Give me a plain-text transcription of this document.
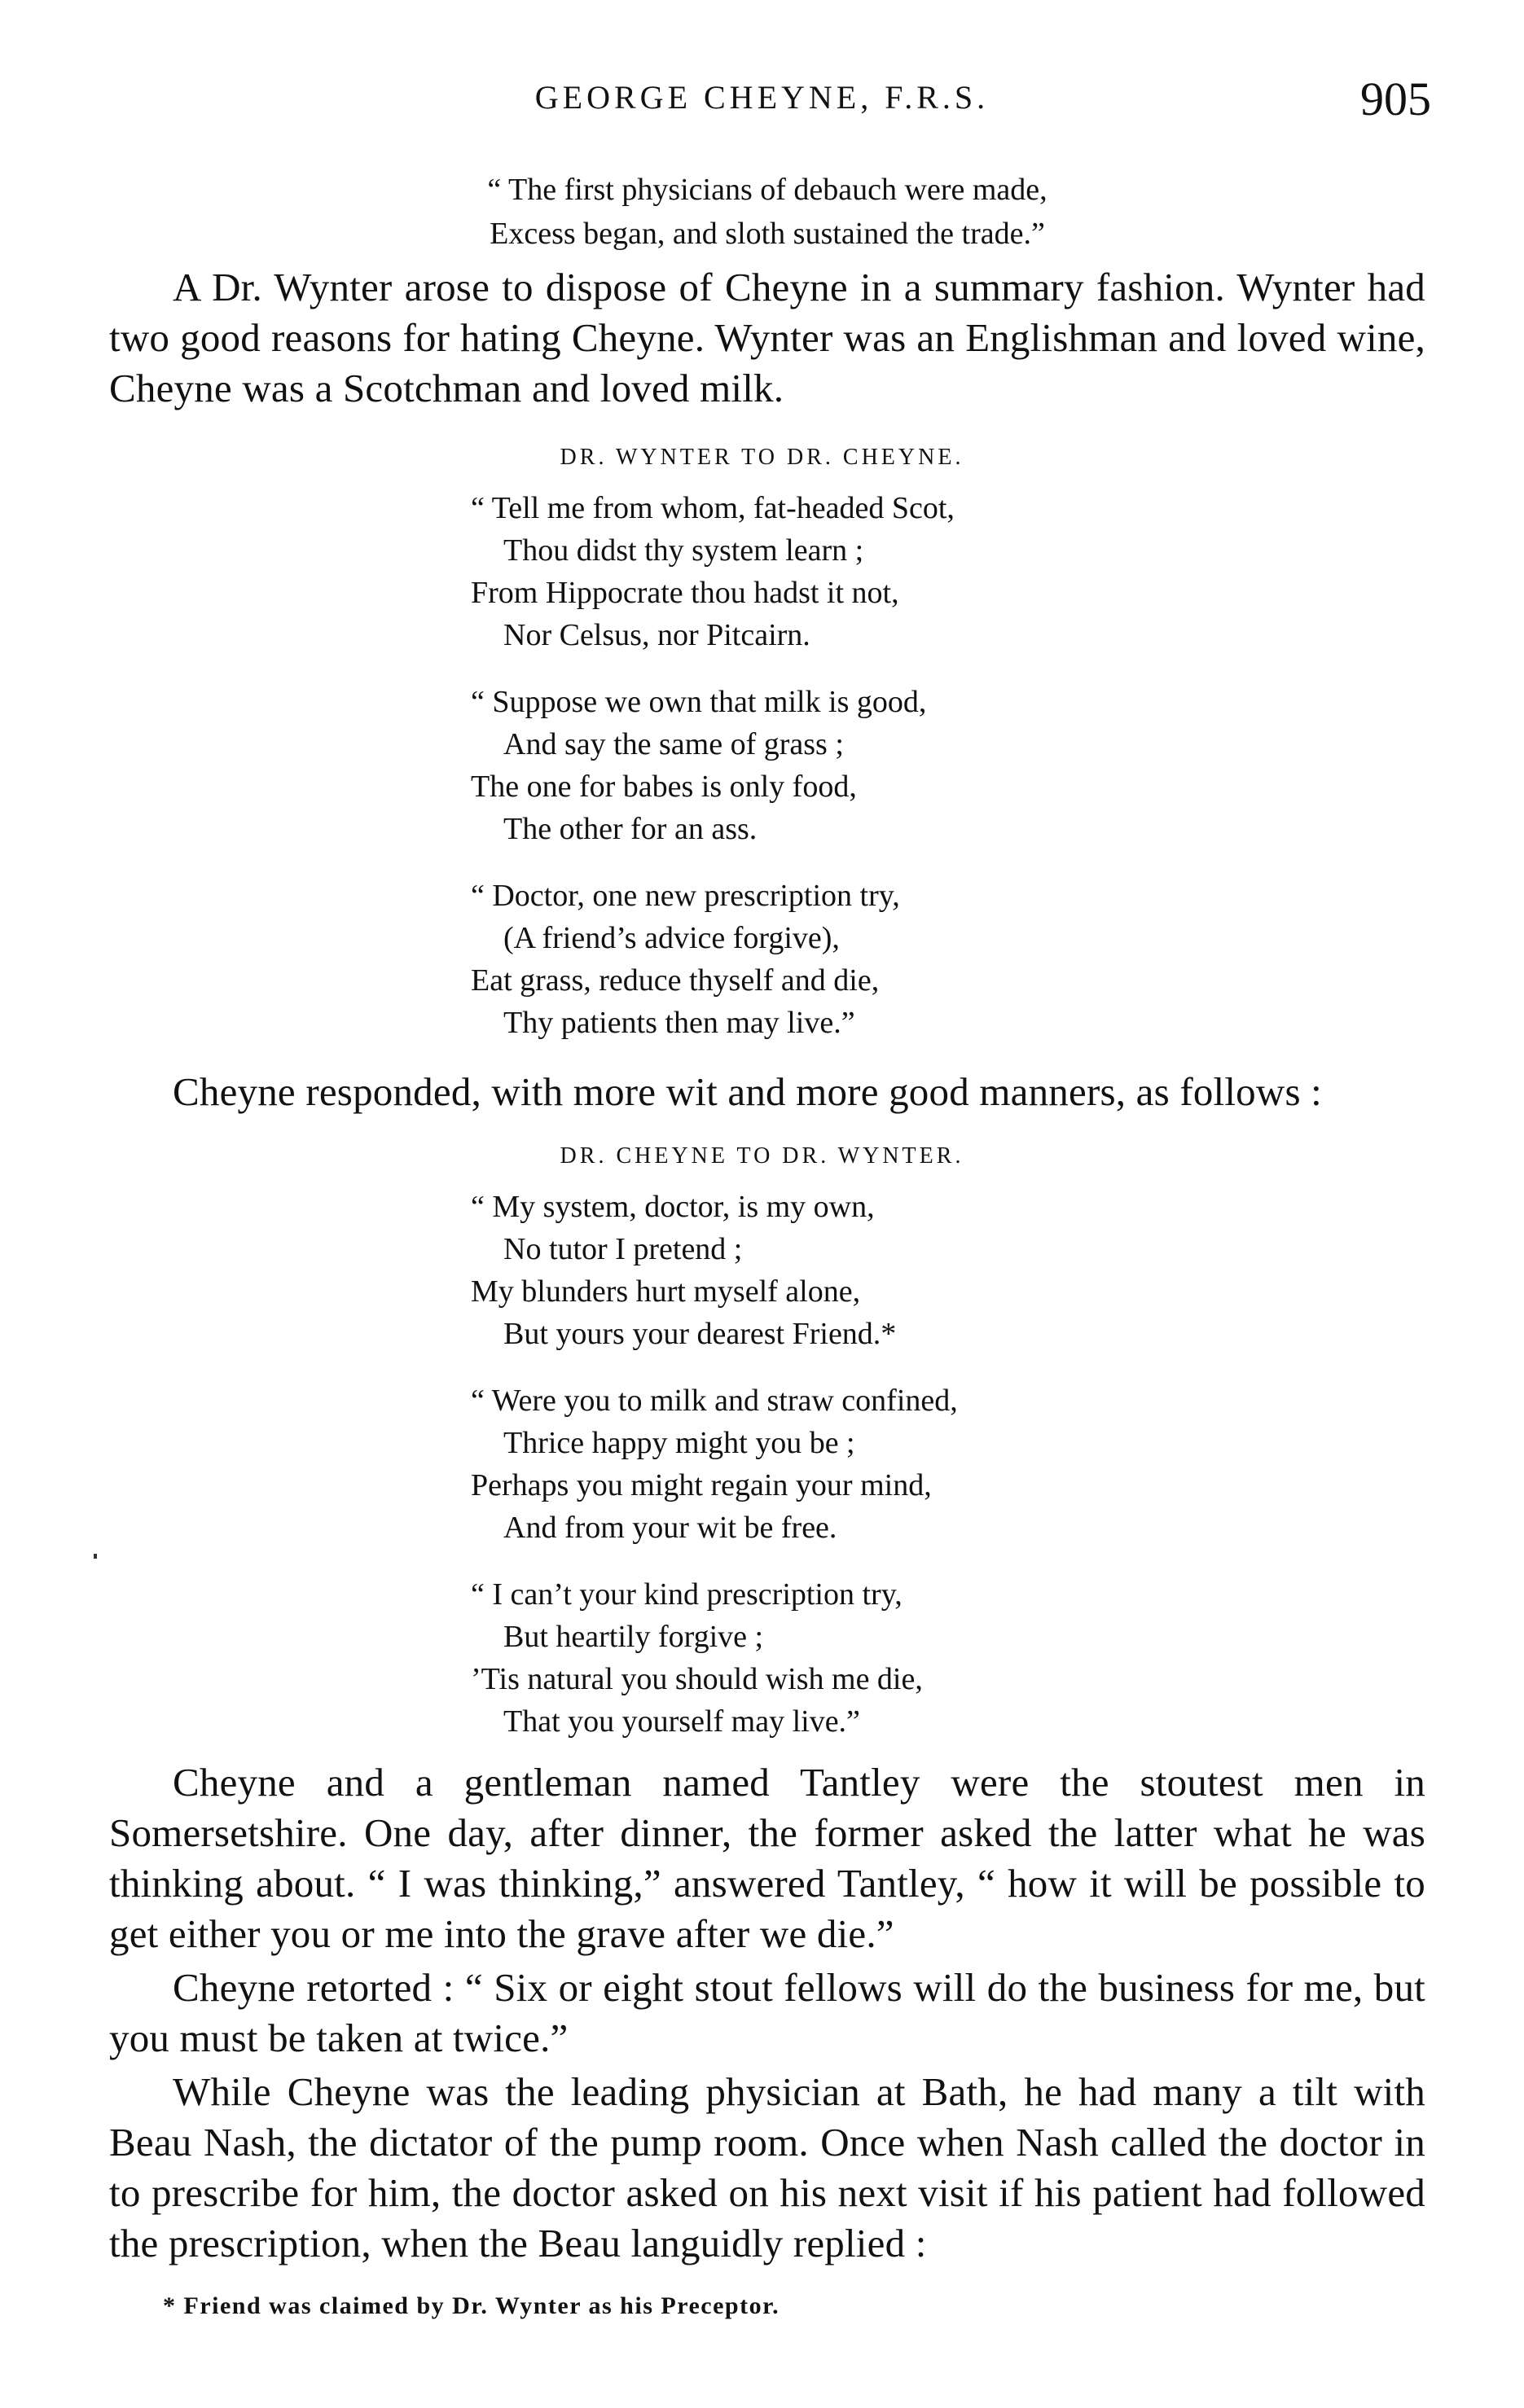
GEORGE CHEYNE, F.R.S.	905
“ The first physicians of debauch were made,
Excess began, and sloth sustained the trade.”

A Dr. Wynter arose to dispose of Cheyne in a summary fashion. Wynter had two good reasons for hating Cheyne. Wynter was an Englishman and loved wine, Cheyne was a Scotchman and loved milk.

DR. WYNTER TO DR. CHEYNE.
“ Tell me from whom, fat-headed Scot,
Thou didst thy system learn ;
From Hippocrate thou hadst it not,
Nor Celsus, nor Pitcairn.
“ Suppose we own that milk is good,
And say the same of grass ;
The one for babes is only food,
The other for an ass.
“ Doctor, one new prescription try,
(A friend’s advice forgive),
Eat grass, reduce thyself and die,
Thy patients then may live.”

Cheyne responded, with more wit and more good manners, as follows :

DR. CHEYNE TO DR. WYNTER.
“ My system, doctor, is my own,
No tutor I pretend ;
My blunders hurt myself alone,
But yours your dearest Friend.*
“ Were you to milk and straw confined,
Thrice happy might you be ;
Perhaps you might regain your mind,
And from your wit be free.
“ I can’t your kind prescription try,
But heartily forgive ;
’Tis natural you should wish me die,
That you yourself may live.”

Cheyne and a gentleman named Tantley were the stoutest men in Somersetshire. One day, after dinner, the former asked the latter what he was thinking about. “ I was thinking,” answered Tantley, “ how it will be possible to get either you or me into the grave after we die.”

Cheyne retorted : “ Six or eight stout fellows will do the business for me, but you must be taken at twice.”

While Cheyne was the leading physician at Bath, he had many a tilt with Beau Nash, the dictator of the pump room. Once when Nash called the doctor in to prescribe for him, the doctor asked on his next visit if his patient had followed the prescription, when the Beau languidly replied :

* Friend was claimed by Dr. Wynter as his Preceptor.
